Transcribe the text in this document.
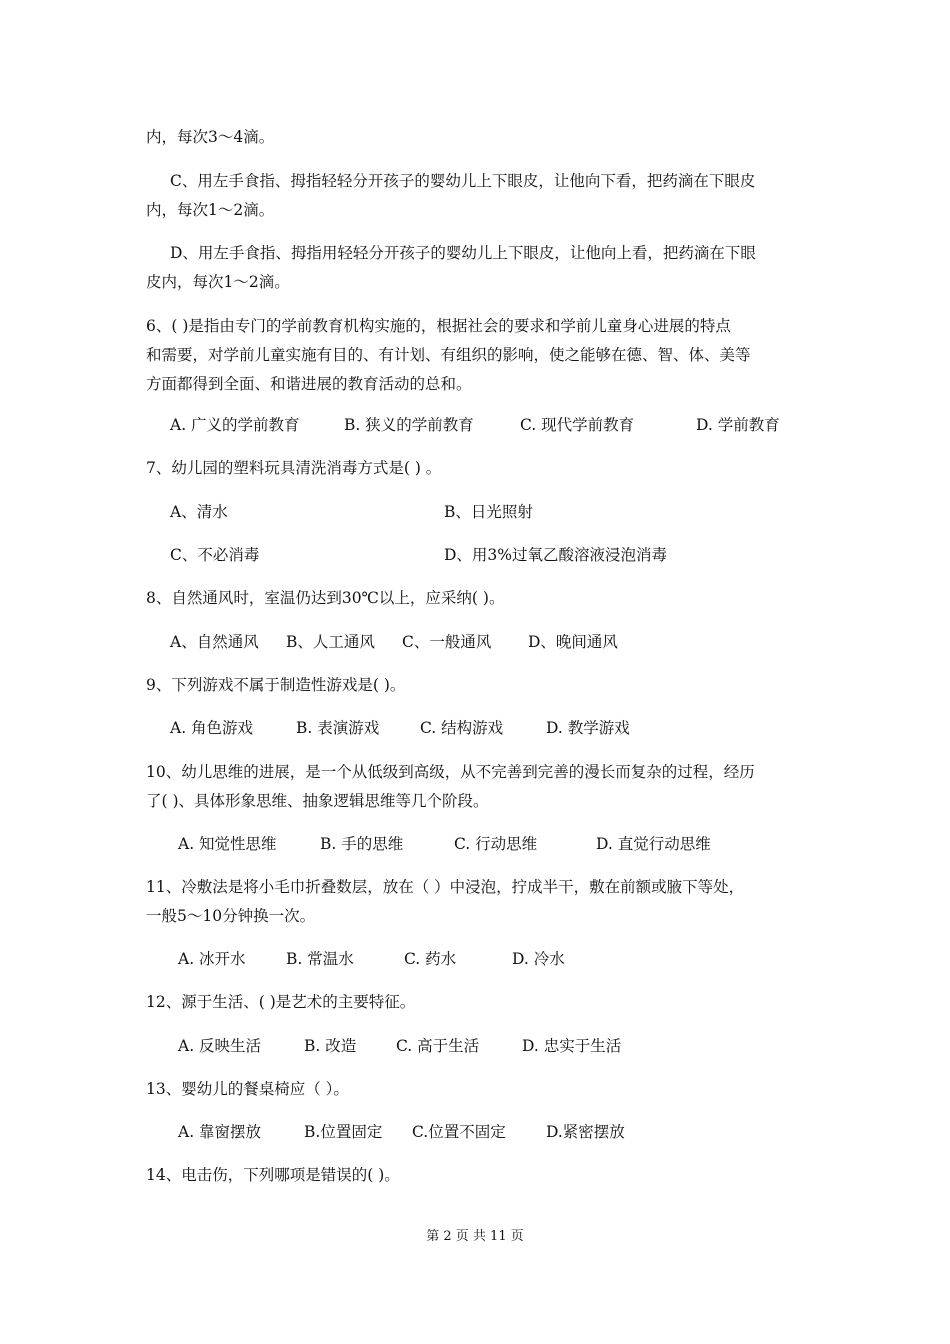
内，每次3～4滴。
C、用左手食指、拇指轻轻分开孩子的婴幼儿上下眼皮，让他向下看，把药滴在下眼皮
内，每次1～2滴。
D、用左手食指、拇指用轻轻分开孩子的婴幼儿上下眼皮，让他向上看，把药滴在下眼
皮内，每次1～2滴。
6、( )是指由专门的学前教育机构实施的，根据社会的要求和学前儿童身心进展的特点
和需要，对学前儿童实施有目的、有计划、有组织的影响，使之能够在德、智、体、美等
方面都得到全面、和谐进展的教育活动的总和。
A. 广义的学前教育	B. 狭义的学前教育	C. 现代学前教育	D. 学前教育
7、幼儿园的塑料玩具清洗消毒方式是( ) 。
A、清水	B、日光照射
C、不必消毒	D、用3%过氧乙酸溶液浸泡消毒
8、自然通风时，室温仍达到30℃以上，应采纳( )。
A、自然通风 B、人工通风 C、一般通风 D、晚间通风
9、下列游戏不属于制造性游戏是( )。
A. 角色游戏	B. 表演游戏	C. 结构游戏	D. 教学游戏
10、幼儿思维的进展，是一个从低级到高级，从不完善到完善的漫长而复杂的过程，经历
了( )、具体形象思维、抽象逻辑思维等几个阶段。
A. 知觉性思维	B. 手的思维	C. 行动思维	D. 直觉行动思维
11、冷敷法是将小毛巾折叠数层，放在（ ）中浸泡，拧成半干，敷在前额或腋下等处，
一般5～10分钟换一次。
A. 冰开水	B. 常温水	C. 药水	D. 冷水
12、源于生活、( )是艺术的主要特征。
A. 反映生活	B. 改造	C. 高于生活	D. 忠实于生活
13、婴幼儿的餐桌椅应（ ）。
A. 靠窗摆放	B.位置固定 C.位置不固定	D.紧密摆放
14、电击伤，下列哪项是错误的( )。
第 2 页 共 11 页
